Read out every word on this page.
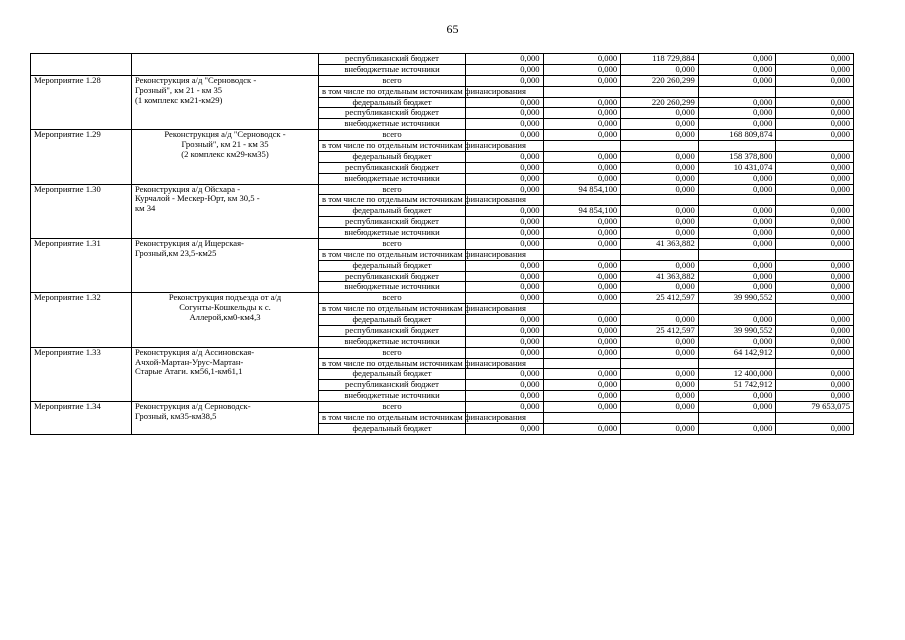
65
		республиканский бюджет	0,000	0,000	118 729,884	0,000	0,000
		внебюджетные источники	0,000	0,000	0,000	0,000	0,000
Мероприятие 1.28	Реконструкция а/д "Серноводск -
Грозный", км 21 - км 35
(1 комплекс км21-км29)	всего	0,000	0,000	220 260,299	0,000	0,000
		в том числе по отдельным источникам финансирования					
		федеральный бюджет	0,000	0,000	220 260,299	0,000	0,000
		республиканский бюджет	0,000	0,000	0,000	0,000	0,000
		внебюджетные источники	0,000	0,000	0,000	0,000	0,000
Мероприятие 1.29	Реконструкция а/д "Серноводск -
Грозный", км 21 - км 35
(2 комплекс км29-км35)	всего	0,000	0,000	0,000	168 809,874	0,000
		в том числе по отдельным источникам финансирования					
		федеральный бюджет	0,000	0,000	0,000	158 378,800	0,000
		республиканский бюджет	0,000	0,000	0,000	10 431,074	0,000
		внебюджетные источники	0,000	0,000	0,000	0,000	0,000
Мероприятие 1.30	Реконструкция а/д Ойсхара -
Курчалой - Мескер-Юрт, км 30,5 -
км 34	всего	0,000	94 854,100	0,000	0,000	0,000
		в том числе по отдельным источникам финансирования					
		федеральный бюджет	0,000	94 854,100	0,000	0,000	0,000
		республиканский бюджет	0,000	0,000	0,000	0,000	0,000
		внебюджетные источники	0,000	0,000	0,000	0,000	0,000
Мероприятие 1.31	Реконструкция а/д Ищерская-
Грозный,км 23,5-км25	всего	0,000	0,000	41 363,882	0,000	0,000
		в том числе по отдельным источникам финансирования					
		федеральный бюджет	0,000	0,000	0,000	0,000	0,000
		республиканский бюджет	0,000	0,000	41 363,882	0,000	0,000
		внебюджетные источники	0,000	0,000	0,000	0,000	0,000
Мероприятие 1.32	Реконструкция подъезда от а/д
Согунты-Кошкельды к с.
Аллерой,км0-км4,3	всего	0,000	0,000	25 412,597	39 990,552	0,000
		в том числе по отдельным источникам финансирования					
		федеральный бюджет	0,000	0,000	0,000	0,000	0,000
		республиканский бюджет	0,000	0,000	25 412,597	39 990,552	0,000
		внебюджетные источники	0,000	0,000	0,000	0,000	0,000
Мероприятие 1.33	Реконструкция а/д Ассиновская-
Ачхой-Мартан-Урус-Мартан-
Старые Атаги. км56,1-км61,1	всего	0,000	0,000	0,000	64 142,912	0,000
		в том числе по отдельным источникам финансирования					
		федеральный бюджет	0,000	0,000	0,000	12 400,000	0,000
		республиканский бюджет	0,000	0,000	0,000	51 742,912	0,000
		внебюджетные источники	0,000	0,000	0,000	0,000	0,000
Мероприятие 1.34	Реконструкция а/д Серноводск-
Грозный, км35-км38,5	всего	0,000	0,000	0,000	0,000	79 653,075
		в том числе по отдельным источникам финансирования					
		федеральный бюджет	0,000	0,000	0,000	0,000	0,000
